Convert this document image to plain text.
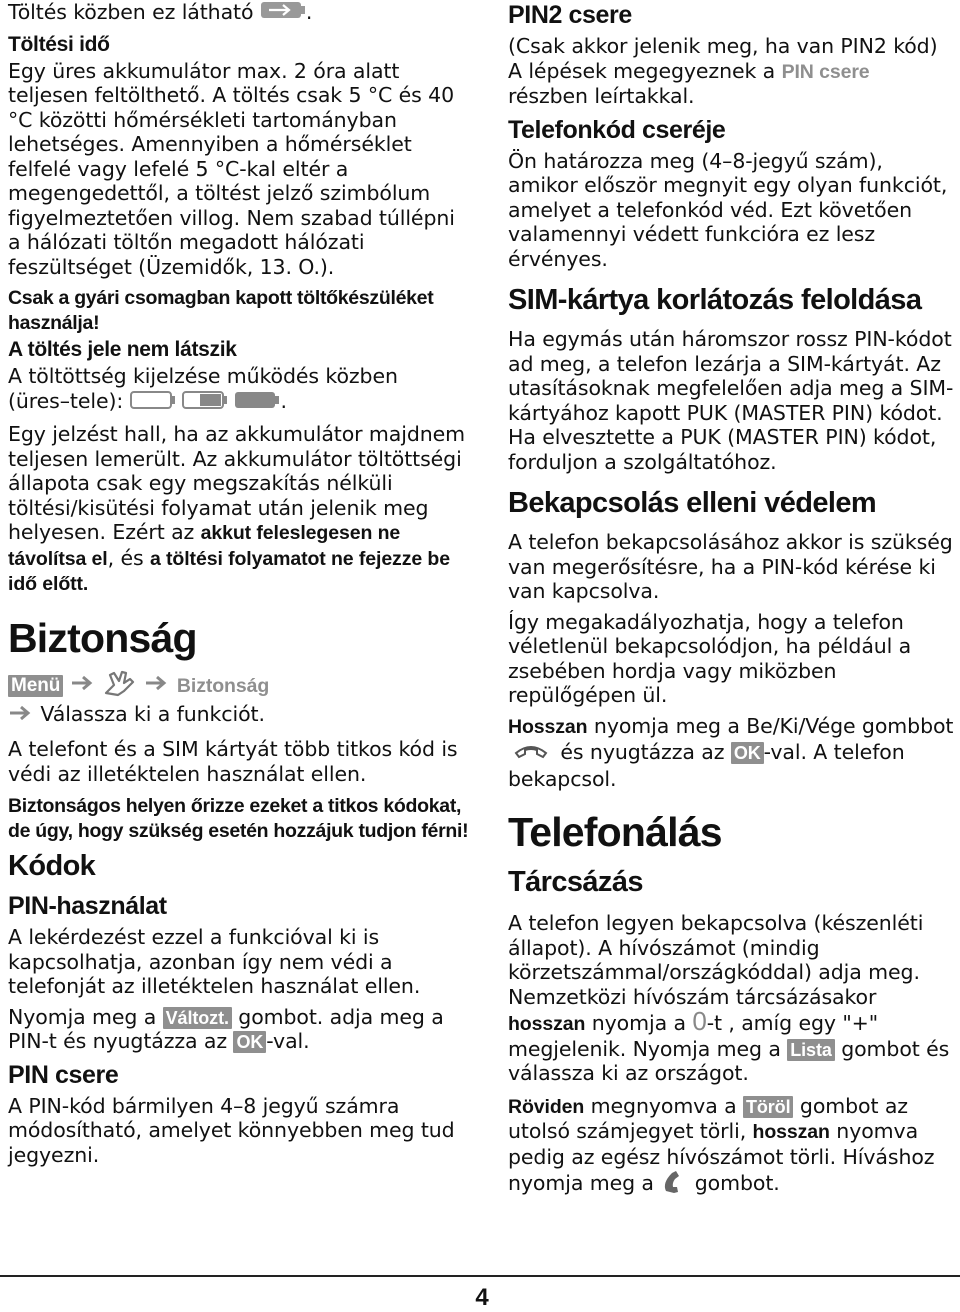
Töltés közben ez látható	.

Töltési idő

Egy üres akkumulátor max. 2 óra alatt teljesen feltölthető. A töltés csak 5 °C és 40 °C közötti hőmérsékleti tartományban lehetséges. Amennyiben a hőmérséklet felfelé vagy lefelé 5 °C-kal eltér a megengedettől, a töltést jelző szimbólum figyelmeztetően villog. Nem szabad túllépni a hálózati töltőn megadott hálózati feszültséget (Üzemidők, 13. O.).

Csak a gyári csomagban kapott töltőkészüléket használja!

A töltés jele nem látszik

A töltöttség kijelzése működés közben
(üres–tele):	.

Egy jelzést hall, ha az akkumulátor majdnem teljesen lemerült. Az akkumulátor töltöttségi állapota csak egy megszakítás nélküli töltési/kisütési folyamat után jelenik meg helyesen. Ezért az akkut feleslegesen ne távolítsa el, és a töltési folyamatot ne fejezze be idő előtt.

Biztonság

Menü	Biztonság
Válassza ki a funkciót.

A telefont és a SIM kártyát több titkos kód is védi az illetéktelen használat ellen.

Biztonságos helyen őrizze ezeket a titkos kódokat, de úgy, hogy szükség esetén hozzájuk tudjon férni!

Kódok
PIN-használat

A lekérdezést ezzel a funkcióval ki is kapcsolhatja, azonban így nem védi a telefonját az illetéktelen használat ellen.

Nyomja meg a Változt. gombot. adja meg a PIN-t és nyugtázza az OK -val.

PIN csere

A PIN-kód bármilyen 4–8 jegyű számra módosítható, amelyet könnyebben meg tud jegyezni.

PIN2 csere

(Csak akkor jelenik meg, ha van PIN2 kód) A lépések megegyeznek a PIN csere
részben leírtakkal.

Telefonkód cseréje

Ön határozza meg (4–8-jegyű szám), amikor először megnyit egy olyan funkciót, amelyet a telefonkód véd. Ezt követően valamennyi védett funkcióra ez lesz érvényes.

SIM-kártya korlátozás feloldása

Ha egymás után háromszor rossz PIN-kódot ad meg, a telefon lezárja a SIM-kártyát. Az utasításoknak megfelelően adja meg a SIM-kártyához kapott PUK (MASTER PIN) kódot. Ha elvesztette a PUK (MASTER PIN) kódot, forduljon a szolgáltatóhoz.

Bekapcsolás elleni védelem

A telefon bekapcsolásához akkor is szükség van megerősítésre, ha a PIN-kód kérése ki van kapcsolva.

Így megakadályozhatja, hogy a telefon véletlenül bekapcsolódjon, ha például a zsebében hordja vagy miközben repülőgépen ül.

Hosszan nyomja meg a Be/Ki/Vége gombbot  és nyugtázza az OK -val. A telefon bekapcsol.

Telefonálás
Tárcsázás

A telefon legyen bekapcsolva (készenléti állapot). A hívószámot (mindig körzetszámmal/országkóddal) adja meg. Nemzetközi hívószám tárcsázásakor hosszan nyomja a 0-t , amíg egy "+" megjelenik. Nyomja meg a Lista gombot és válassza ki az országot.

Röviden megnyomva a Töröl gombot az utolsó számjegyet törli, hosszan nyomva pedig az egész hívószámot törli. Híváshoz nyomja meg a gombot.

4
